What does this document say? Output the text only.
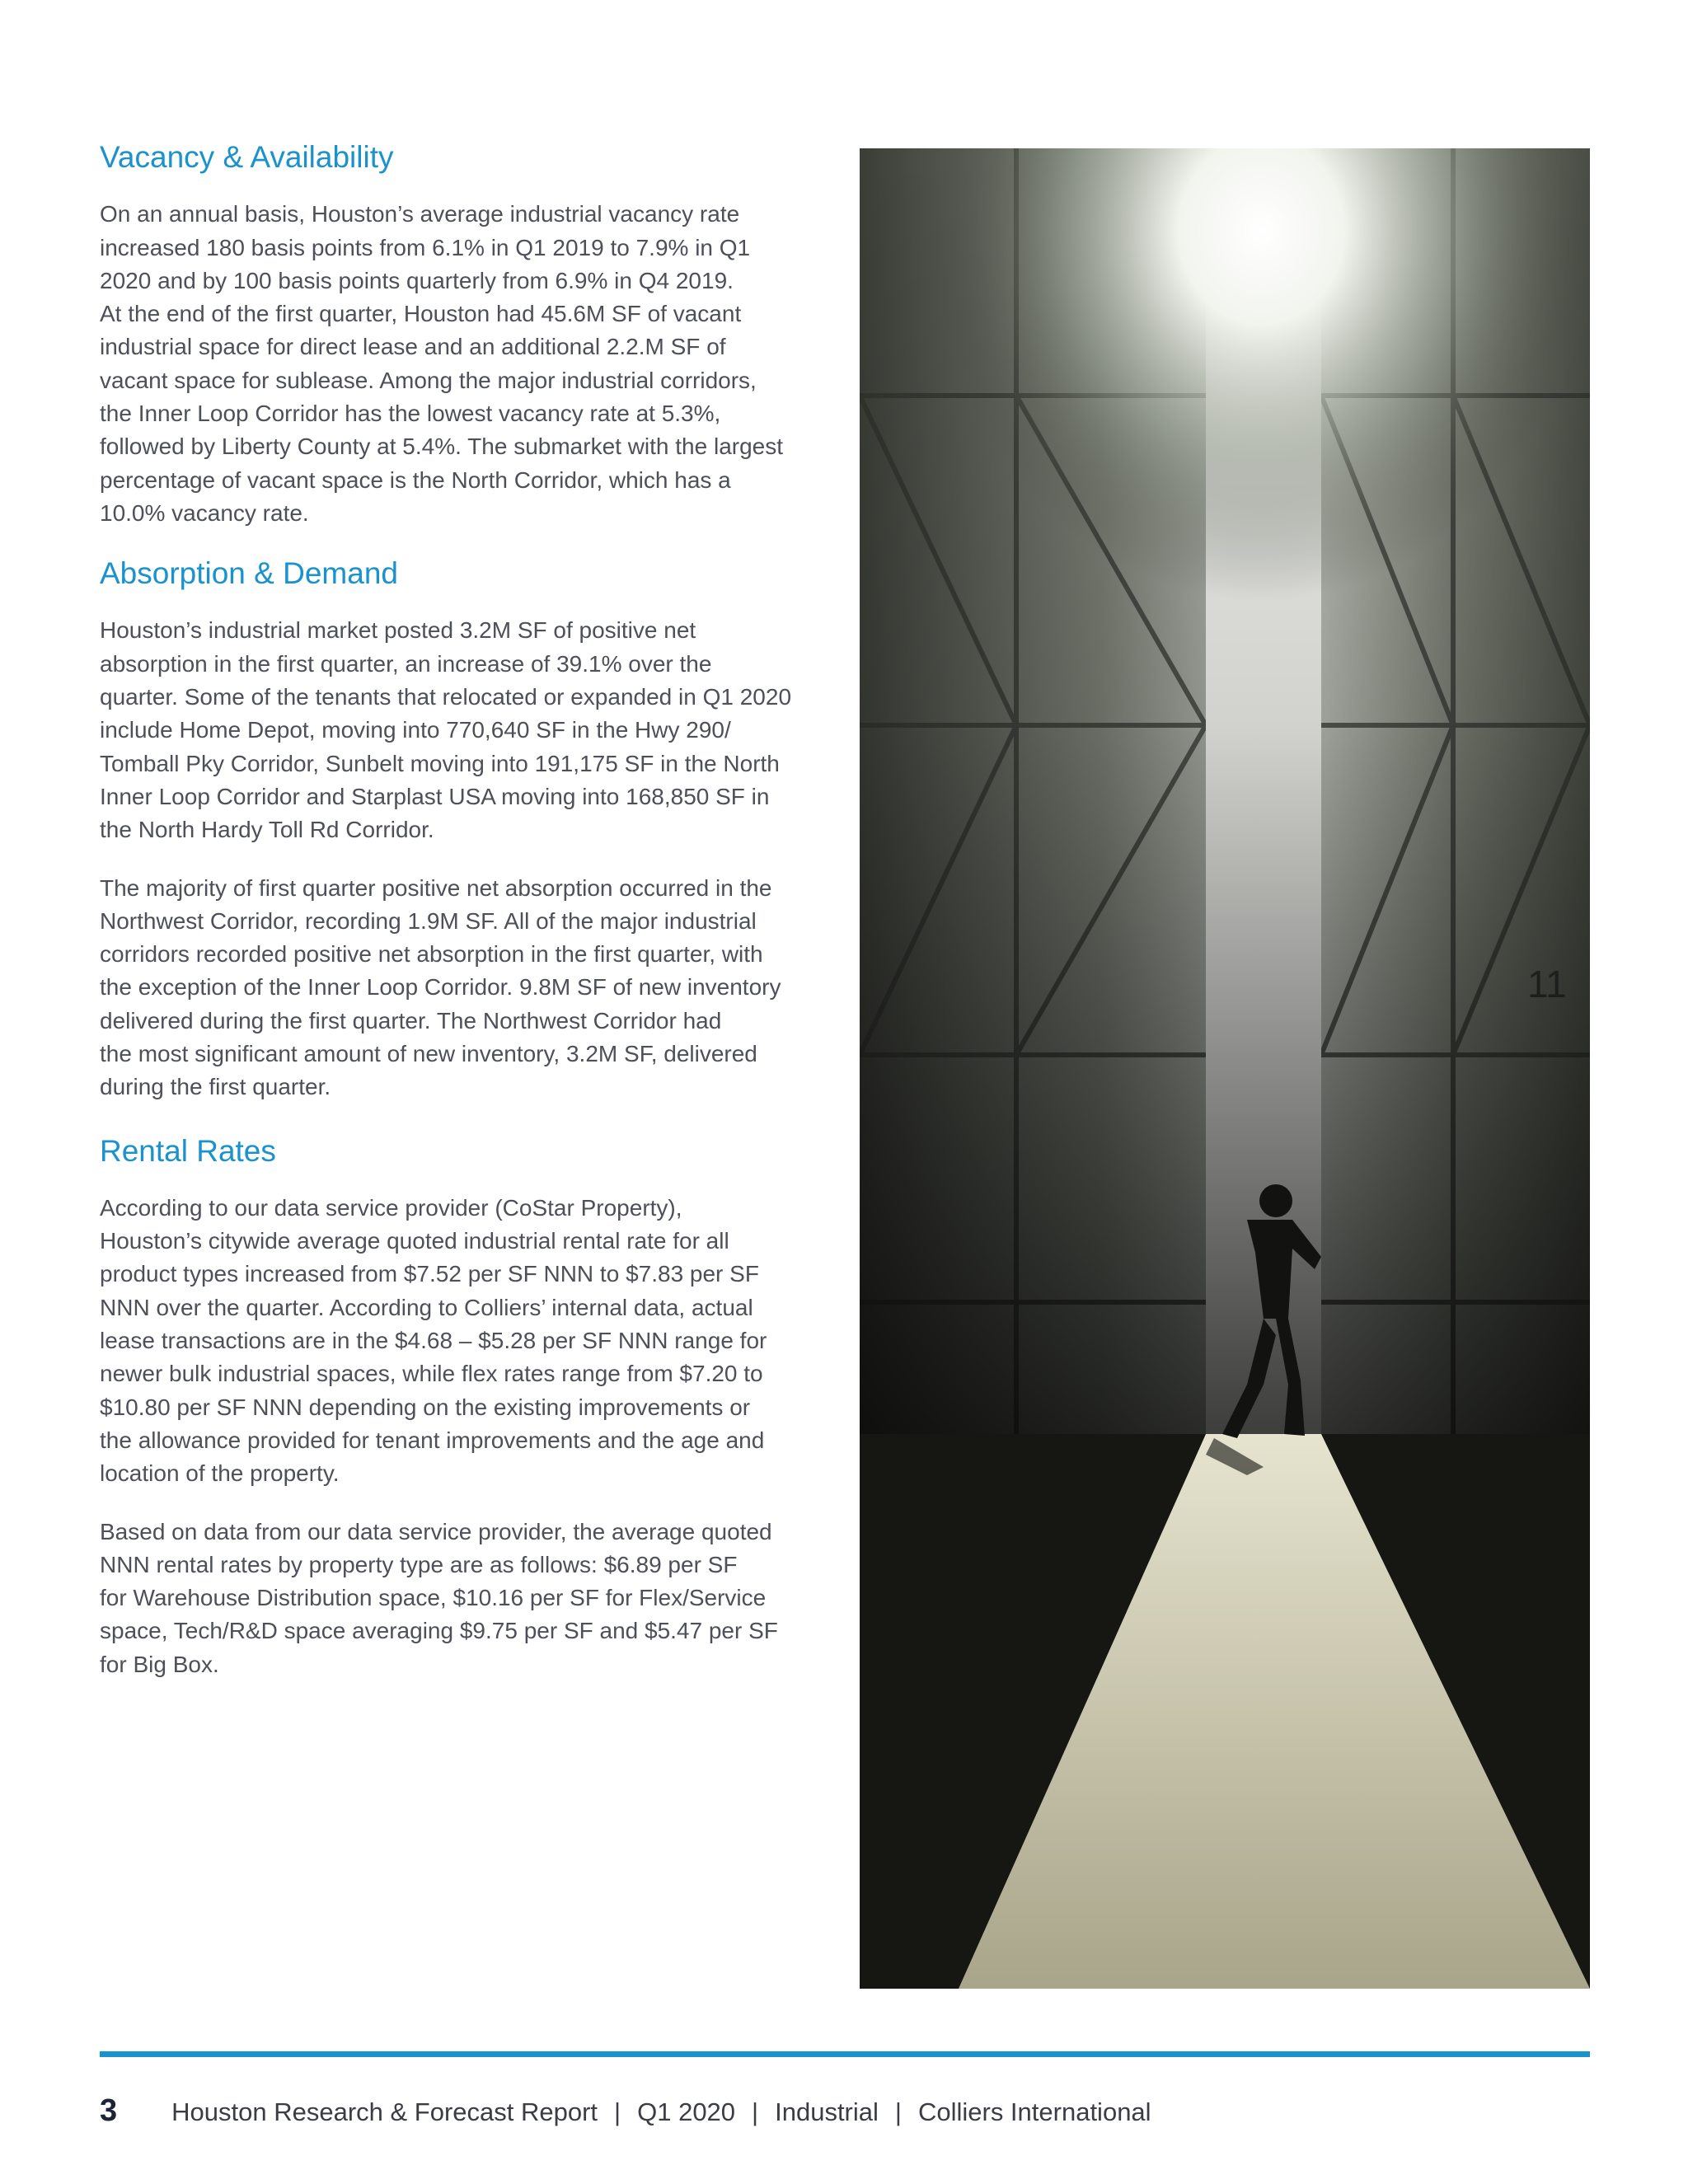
Vacancy & Availability

On an annual basis, Houston’s average industrial vacancy rate
increased 180 basis points from 6.1% in Q1 2019 to 7.9% in Q1
2020 and by 100 basis points quarterly from 6.9% in Q4 2019.
At the end of the first quarter, Houston had 45.6M SF of vacant
industrial space for direct lease and an additional 2.2.M SF of
vacant space for sublease. Among the major industrial corridors,
the Inner Loop Corridor has the lowest vacancy rate at 5.3%,
followed by Liberty County at 5.4%. The submarket with the largest
percentage of vacant space is the North Corridor, which has a
10.0% vacancy rate.

Absorption & Demand

Houston’s industrial market posted 3.2M SF of positive net
absorption in the first quarter, an increase of 39.1% over the
quarter. Some of the tenants that relocated or expanded in Q1 2020
include Home Depot, moving into 770,640 SF in the Hwy 290/
Tomball Pky Corridor, Sunbelt moving into 191,175 SF in the North
Inner Loop Corridor and Starplast USA moving into 168,850 SF in
the North Hardy Toll Rd Corridor.

The majority of first quarter positive net absorption occurred in the
Northwest Corridor, recording 1.9M SF. All of the major industrial
corridors recorded positive net absorption in the first quarter, with
the exception of the Inner Loop Corridor. 9.8M SF of new inventory
delivered during the first quarter. The Northwest Corridor had
the most significant amount of new inventory, 3.2M SF, delivered
during the first quarter.

Rental Rates

According to our data service provider (CoStar Property),
Houston’s citywide average quoted industrial rental rate for all
product types increased from $7.52 per SF NNN to $7.83 per SF
NNN over the quarter. According to Colliers’ internal data, actual
lease transactions are in the $4.68 – $5.28 per SF NNN range for
newer bulk industrial spaces, while flex rates range from $7.20 to
$10.80 per SF NNN depending on the existing improvements or
the allowance provided for tenant improvements and the age and
location of the property.

Based on data from our data service provider, the average quoted
NNN rental rates by property type are as follows: $6.89 per SF
for Warehouse Distribution space, $10.16 per SF for Flex/Service
space, Tech/R&D space averaging $9.75 per SF and $5.47 per SF
for Big Box.

3 Houston Research & Forecast Report | Q1 2020 | Industrial | Colliers International
